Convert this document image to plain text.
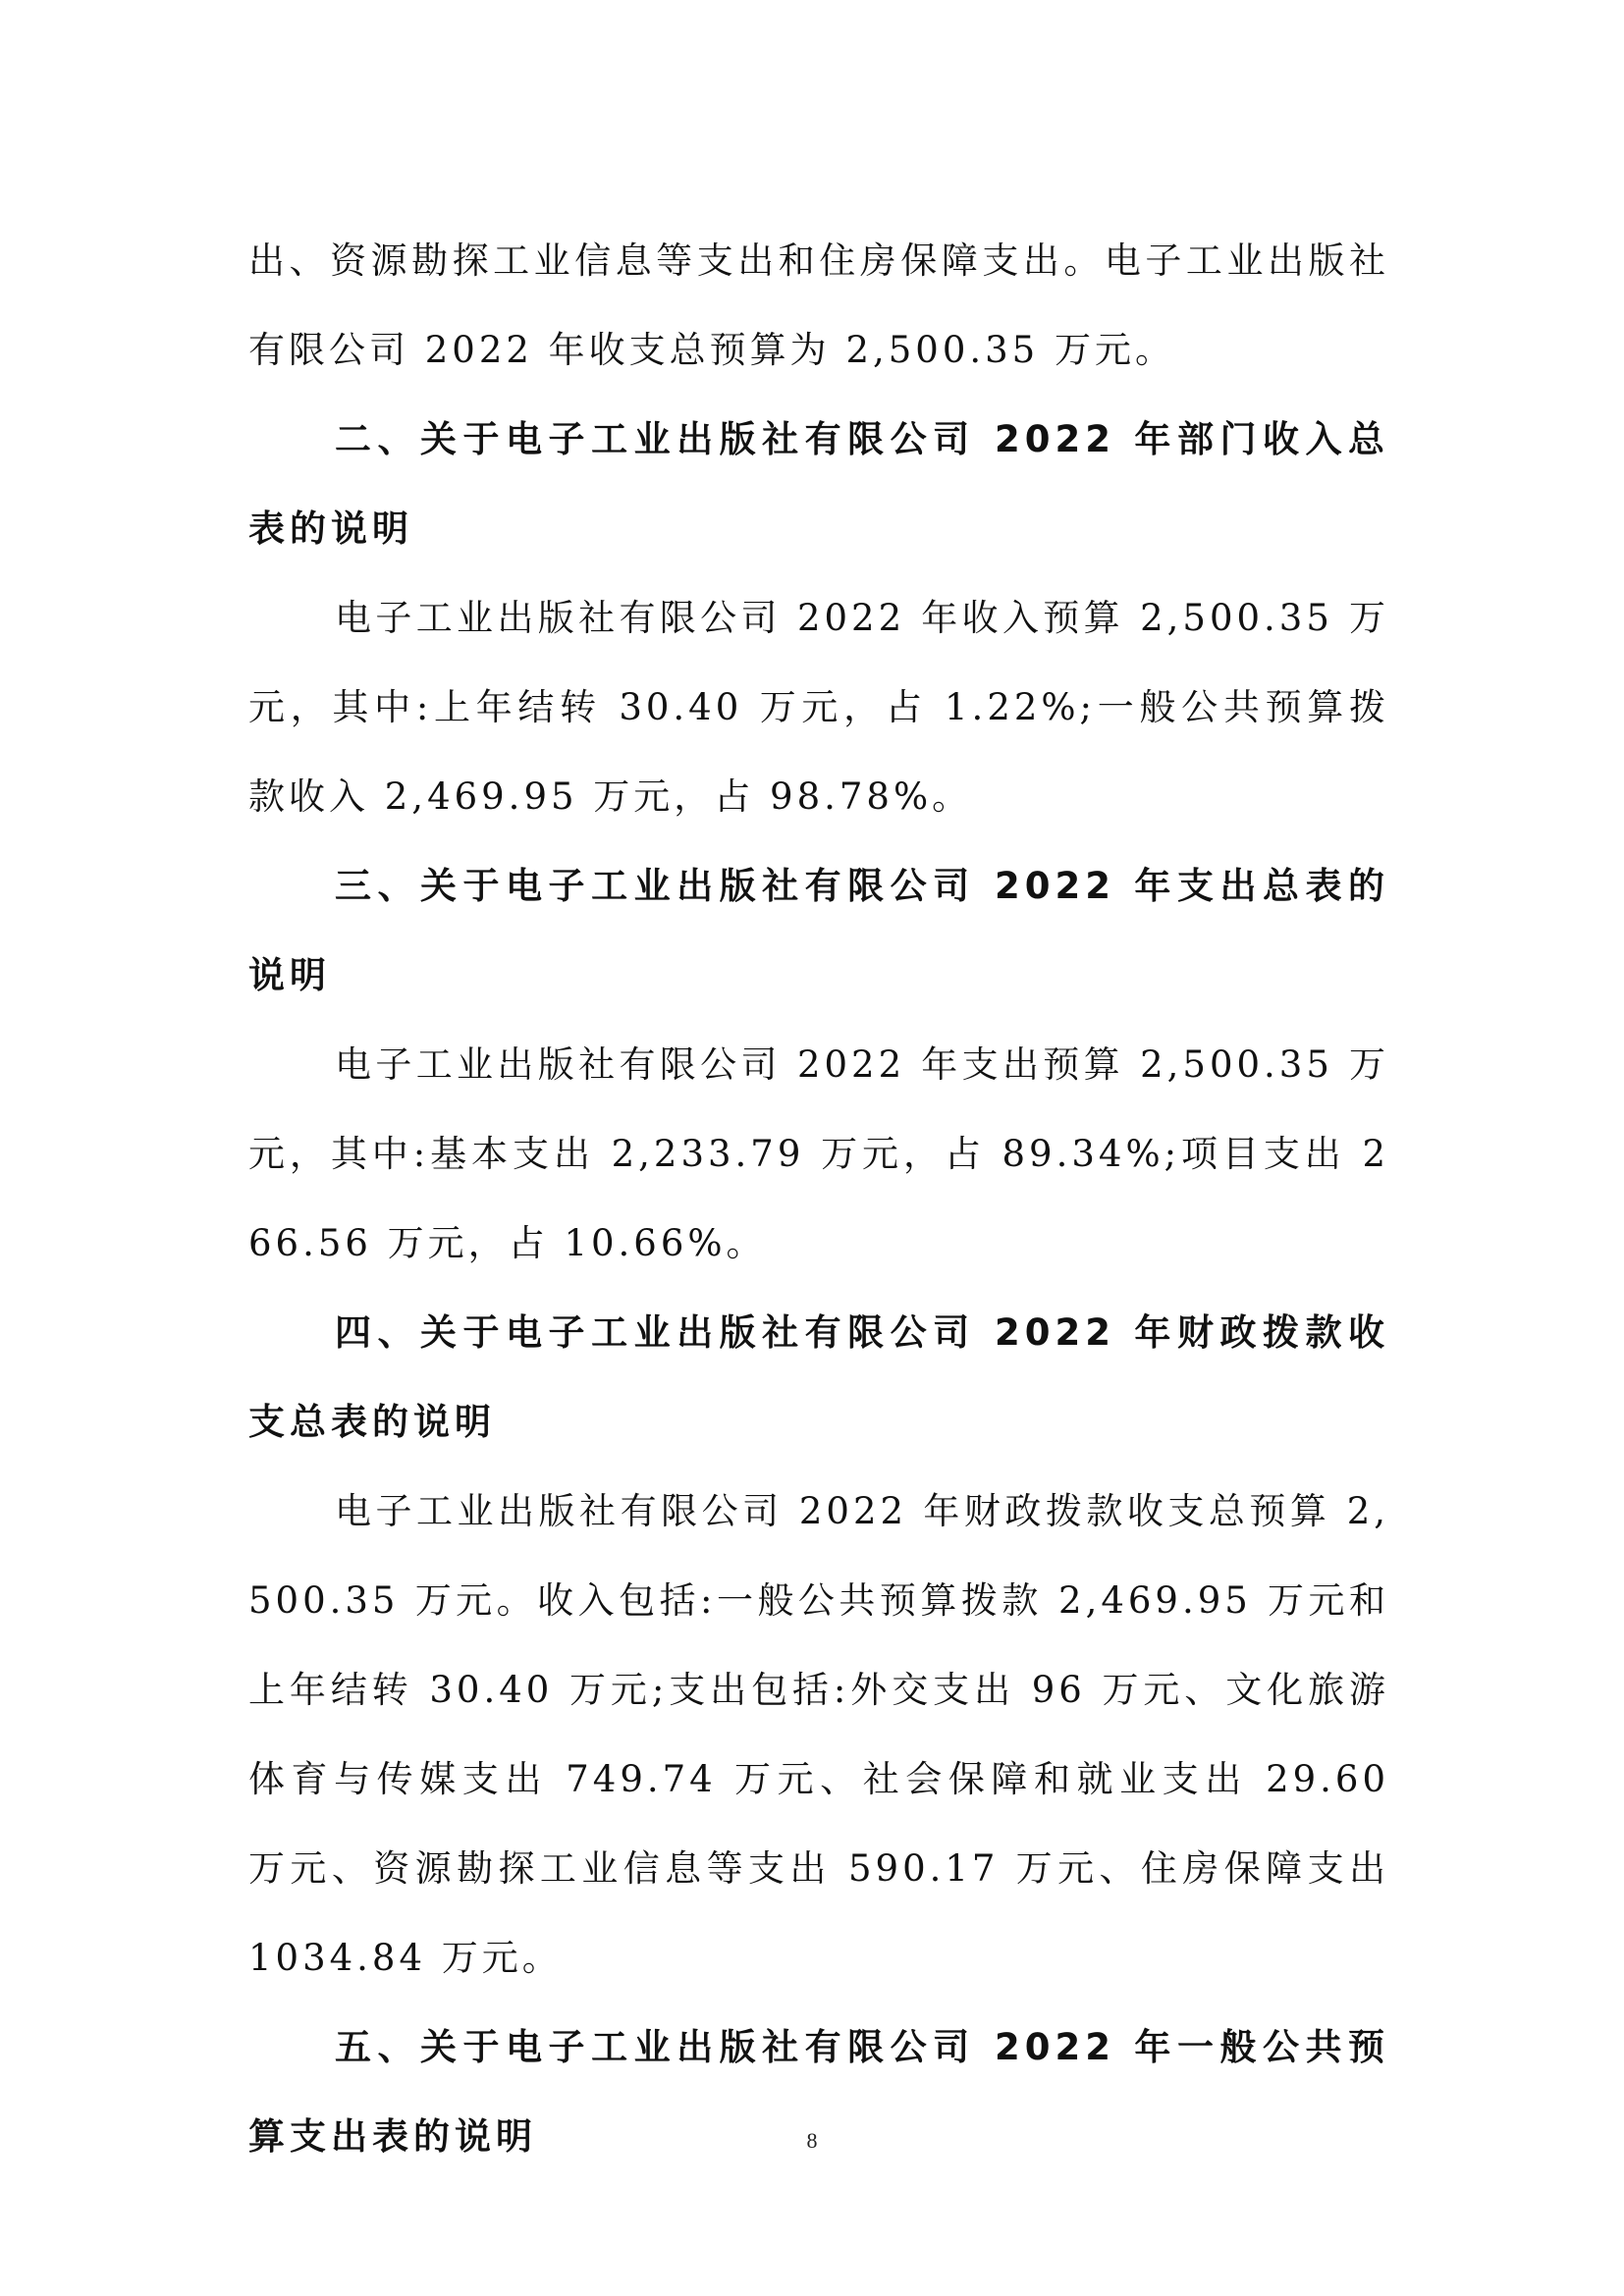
出、资源勘探工业信息等支出和住房保障支出。电子工业出版社有限公司 2022 年收支总预算为 2,500.35 万元。

二、关于电子工业出版社有限公司 2022 年部门收入总表的说明

电子工业出版社有限公司 2022 年收入预算 2,500.35 万元，其中:上年结转 30.40 万元，占 1.22%;一般公共预算拨款收入 2,469.95 万元，占 98.78%。

三、关于电子工业出版社有限公司 2022 年支出总表的说明

电子工业出版社有限公司 2022 年支出预算 2,500.35 万元，其中:基本支出 2,233.79 万元，占 89.34%;项目支出 266.56 万元，占 10.66%。

四、关于电子工业出版社有限公司 2022 年财政拨款收支总表的说明

电子工业出版社有限公司 2022 年财政拨款收支总预算 2,500.35 万元。收入包括:一般公共预算拨款 2,469.95 万元和上年结转 30.40 万元;支出包括:外交支出 96 万元、文化旅游体育与传媒支出 749.74 万元、社会保障和就业支出 29.60 万元、资源勘探工业信息等支出 590.17 万元、住房保障支出 1034.84 万元。

五、关于电子工业出版社有限公司 2022 年一般公共预算支出表的说明	8
